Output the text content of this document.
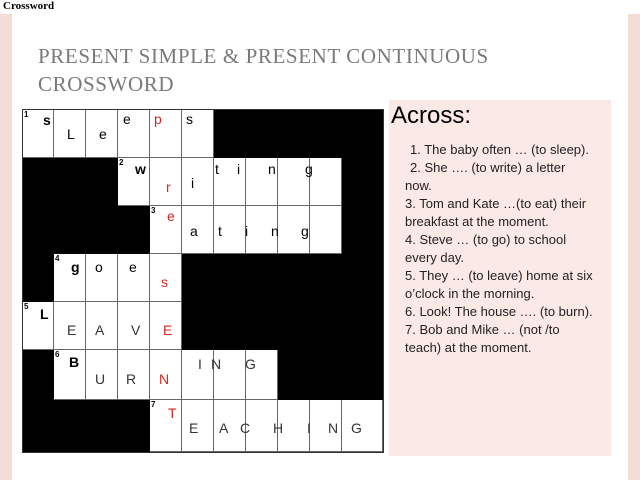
Crossword
PRESENT SIMPLE & PRESENT CONTINUOUS CROSSWORD
1
2
3
4
5
6
7
s
L e
e p s
w
r i
t i n g
e
a t i n g
g o e
s
L
E A V E
B
U R N
I N G
T
E A C H I N G
Across:
1. The baby often … (to sleep).
2. She …. (to write) a letter now.
3. Tom and Kate …(to eat) their breakfast at the moment.
4. Steve … (to go) to school every day.
5. They … (to leave) home at six o’clock in the morning.
6. Look! The house …. (to burn).
7. Bob and Mike … (not /to teach) at the moment.
